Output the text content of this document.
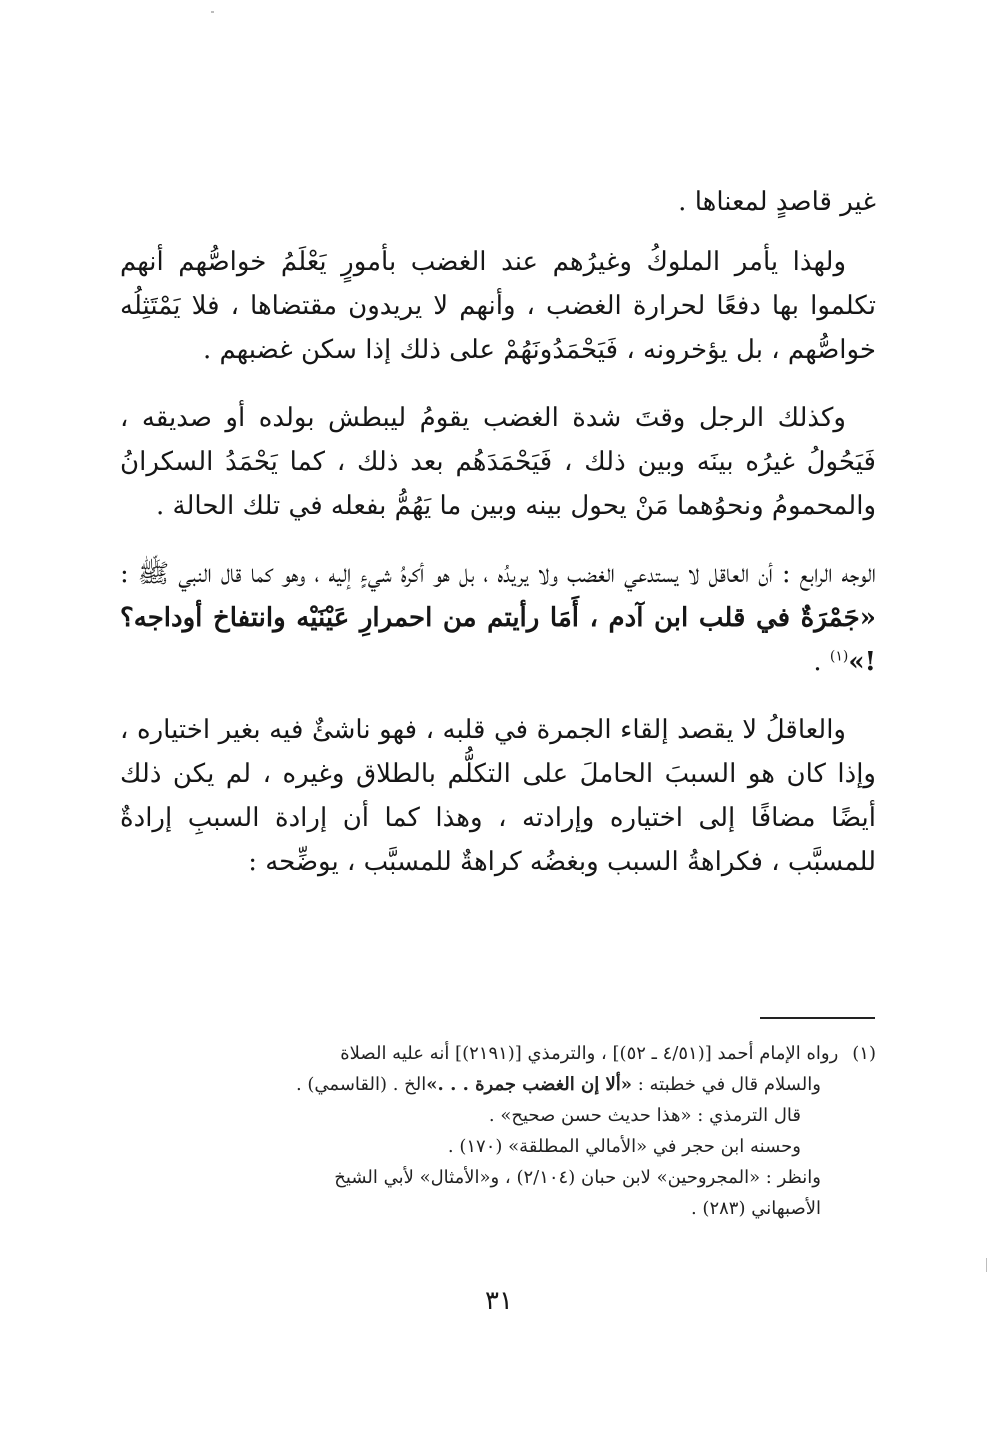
غير قاصدٍ لمعناها .

ولهذا يأمر الملوكُ وغيرُهم عند الغضب بأمورٍ يَعْلَمُ خواصُّهم أنهم تكلموا بها دفعًا لحرارة الغضب ، وأنهم لا يريدون مقتضاها ، فلا يَمْتَثِلُه خواصُّهم ، بل يؤخرونه ، فَيَحْمَدُونَهُمْ على ذلك إذا سكن غضبهم .

وكذلك الرجل وقتَ شدة الغضب يقومُ ليبطش بولده أو صديقه ، فَيَحُولُ غيرُه بينَه وبين ذلك ، فَيَحْمَدَهُم بعد ذلك ، كما يَحْمَدُ السكرانُ والمحمومُ ونحوُهما مَنْ يحول بينه وبين ما يَهُمُّ بفعله في تلك الحالة .

الوجه الرابع : أن العاقل لا يستدعي الغضب ولا يريدُه ، بل هو أكرهُ شيءٍ إليه ، وهو كما قال النبي ﷺ : «جَمْرَةٌ في قلب ابن آدم ، أَمَا رأيتم من احمرارِ عَيْنَيْه وانتفاخ أوداجه؟ !»$^{(١)}$ .

والعاقلُ لا يقصد إلقاء الجمرة في قلبه ، فهو ناشئٌ فيه بغير اختياره ، وإذا كان هو السببَ الحاملَ على التكلُّم بالطلاق وغيره ، لم يكن ذلك أيضًا مضافًا إلى اختياره وإرادته ، وهذا كما أن إرادة السببِ إرادةٌ للمسبَّب ، فكراهةُ السبب وبغضُه كراهةٌ للمسبَّب ، يوضِّحه :

(١)رواه الإمام أحمد [(٤/٥١ ـ ٥٢)] ، والترمذي [(٢١٩١)] أنه عليه الصلاة
والسلام قال في خطبته : «ألا إن الغضب جمرة . . .»الخ . (القاسمي) .
قال الترمذي : «هذا حديث حسن صحيح» .
وحسنه ابن حجر في «الأمالي المطلقة» (١٧٠) .
وانظر : «المجروحين» لابن حبان (٢/١٠٤) ، و«الأمثال» لأبي الشيخ
الأصبهاني (٢٨٣) .

٣١
